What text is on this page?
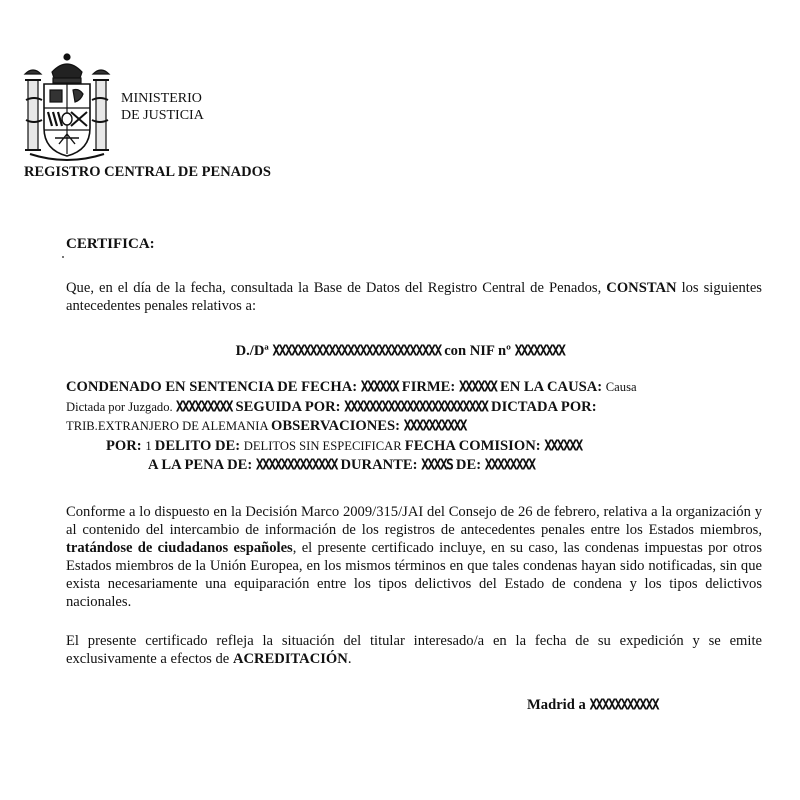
MINISTERIO
DE JUSTICIA
REGISTRO CENTRAL DE PENADOS
CERTIFICA:
Que, en el día de la fecha, consultada la Base de Datos del Registro Central de Penados, CONSTAN los siguientes antecedentes penales relativos a:
D./Dª XXXXXXXXXXXXXXXXXXXXXXXXXXX con NIF nº XXXXXXXX
CONDENADO EN SENTENCIA DE FECHA: XXXXXX FIRME: XXXXXX EN LA CAUSA: Causa
Dictada por Juzgado. XXXXXXXXX SEGUIDA POR: XXXXXXXXXXXXXXXXXXXXXXX DICTADA POR:
TRIB.EXTRANJERO DE ALEMANIA OBSERVACIONES: XXXXXXXXXX
POR: 1 DELITO DE: DELITOS SIN ESPECIFICAR FECHA COMISION: XXXXXX
A LA PENA DE: XXXXXXXXXXXXX DURANTE: XXXXS DE: XXXXXXXX
Conforme a lo dispuesto en la Decisión Marco 2009/315/JAI del Consejo de 26 de febrero, relativa a la organización y al contenido del intercambio de información de los registros de antecedentes penales entre los Estados miembros, tratándose de ciudadanos españoles, el presente certificado incluye, en su caso, las condenas impuestas por otros Estados miembros de la Unión Europea, en los mismos términos en que tales condenas hayan sido notificadas, sin que exista necesariamente una equiparación entre los tipos delictivos del Estado de condena y los tipos delictivos nacionales.
El presente certificado refleja la situación del titular interesado/a en la fecha de su expedición y se emite exclusivamente a efectos de ACREDITACIÓN.
Madrid a XXXXXXXXXXX
